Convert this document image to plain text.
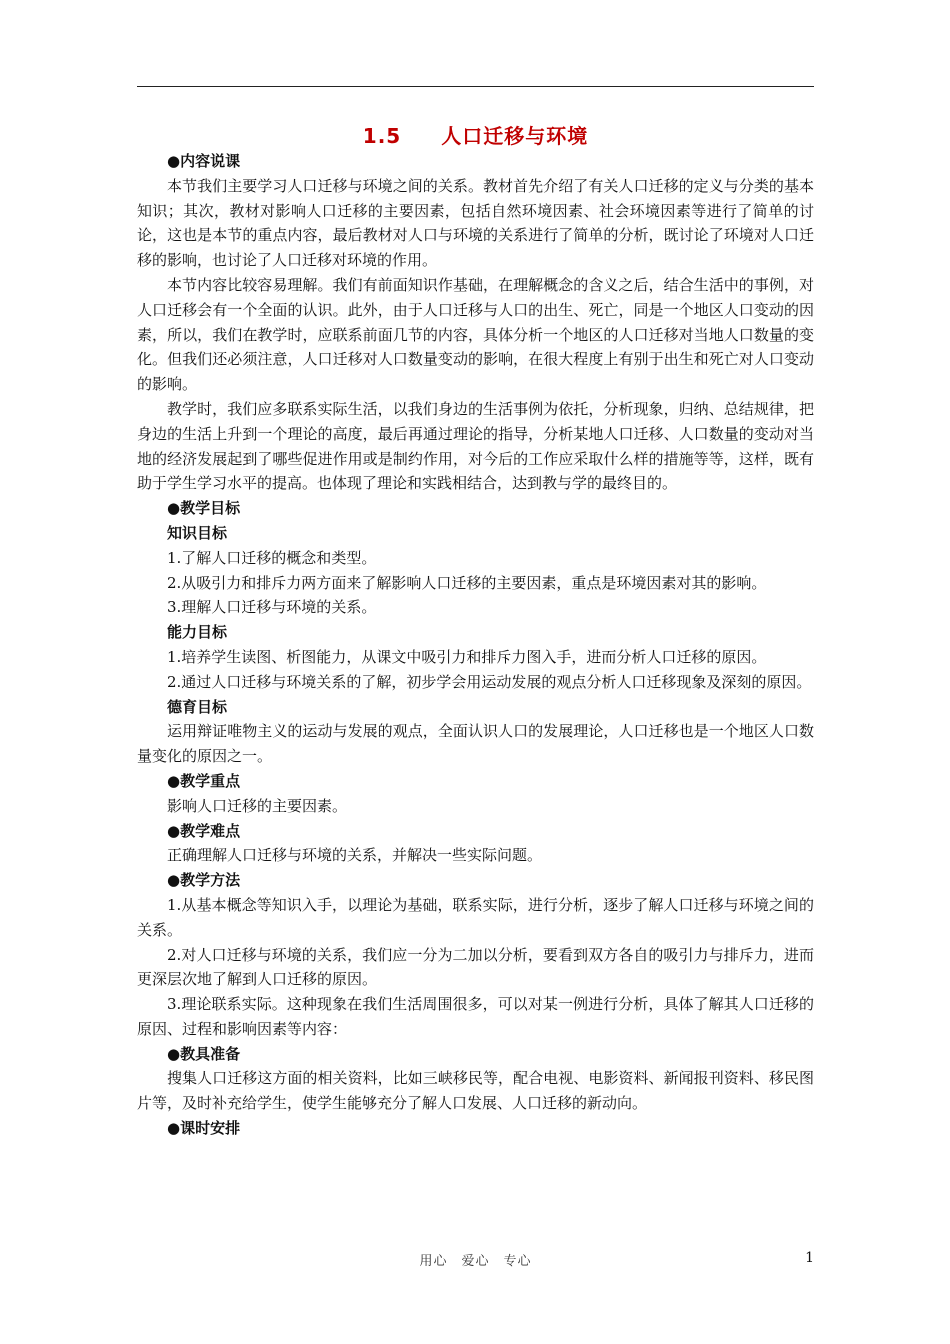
1.5 人口迁移与环境

●内容说课

本节我们主要学习人口迁移与环境之间的关系。教材首先介绍了有关人口迁移的定义与分类的基本知识；其次，教材对影响人口迁移的主要因素，包括自然环境因素、社会环境因素等进行了简单的讨论，这也是本节的重点内容，最后教材对人口与环境的关系进行了简单的分析，既讨论了环境对人口迁移的影响，也讨论了人口迁移对环境的作用。

本节内容比较容易理解。我们有前面知识作基础，在理解概念的含义之后，结合生活中的事例，对人口迁移会有一个全面的认识。此外，由于人口迁移与人口的出生、死亡，同是一个地区人口变动的因素，所以，我们在教学时，应联系前面几节的内容，具体分析一个地区的人口迁移对当地人口数量的变化。但我们还必须注意，人口迁移对人口数量变动的影响，在很大程度上有别于出生和死亡对人口变动的影响。

教学时，我们应多联系实际生活，以我们身边的生活事例为依托，分析现象，归纳、总结规律，把身边的生活上升到一个理论的高度，最后再通过理论的指导，分析某地人口迁移、人口数量的变动对当地的经济发展起到了哪些促进作用或是制约作用，对今后的工作应采取什么样的措施等等，这样，既有助于学生学习水平的提高。也体现了理论和实践相结合，达到教与学的最终目的。

●教学目标

知识目标

1.了解人口迁移的概念和类型。

2.从吸引力和排斥力两方面来了解影响人口迁移的主要因素，重点是环境因素对其的影响。

3.理解人口迁移与环境的关系。

能力目标

1.培养学生读图、析图能力，从课文中吸引力和排斥力图入手，进而分析人口迁移的原因。

2.通过人口迁移与环境关系的了解，初步学会用运动发展的观点分析人口迁移现象及深刻的原因。

德育目标

运用辩证唯物主义的运动与发展的观点，全面认识人口的发展理论，人口迁移也是一个地区人口数量变化的原因之一。

●教学重点

影响人口迁移的主要因素。

●教学难点

正确理解人口迁移与环境的关系，并解决一些实际问题。

●教学方法

1.从基本概念等知识入手，以理论为基础，联系实际，进行分析，逐步了解人口迁移与环境之间的关系。

2.对人口迁移与环境的关系，我们应一分为二加以分析，要看到双方各自的吸引力与排斥力，进而更深层次地了解到人口迁移的原因。

3.理论联系实际。这种现象在我们生活周围很多，可以对某一例进行分析，具体了解其人口迁移的原因、过程和影响因素等内容：

●教具准备

搜集人口迁移这方面的相关资料，比如三峡移民等，配合电视、电影资料、新闻报刊资料、移民图片等，及时补充给学生，使学生能够充分了解人口发展、人口迁移的新动向。

●课时安排

用心　爱心　专心	1
